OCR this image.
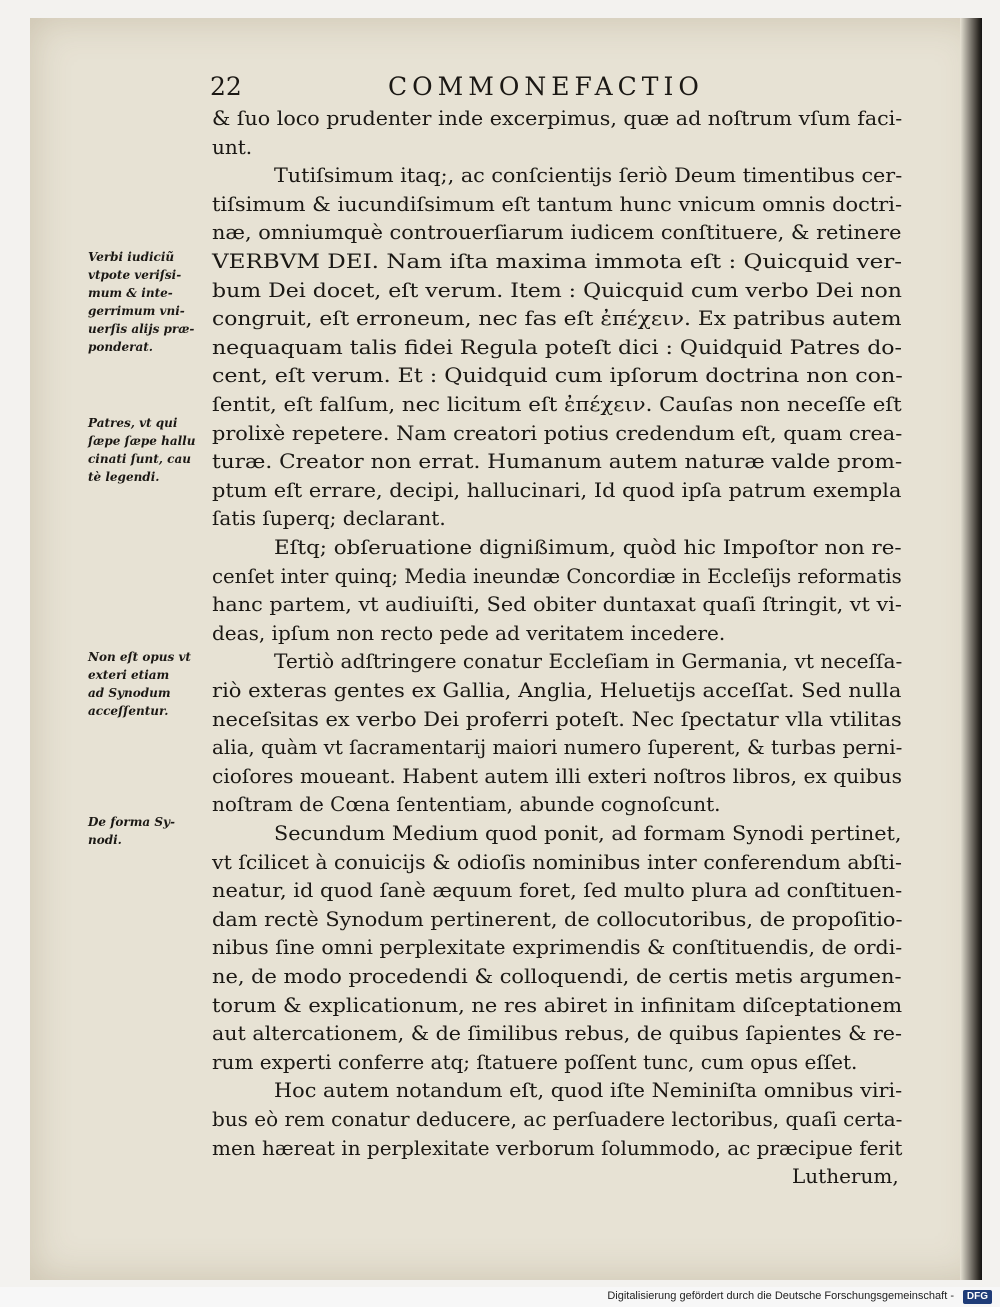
22	COMMONEFACTIO
& ſuo loco prudenter inde excerpimus, quæ ad noſtrum vſum faci-
unt.
Tutiſsimum itaq;, ac conſcientijs ſeriò Deum timentibus cer-
tiſsimum & iucundiſsimum eſt tantum hunc vnicum omnis doctri-
næ, omniumquè controuerſiarum iudicem conſtituere, & retinere
VERBVM DEI. Nam iſta maxima immota eſt : Quicquid ver-
bum Dei docet, eſt verum. Item : Quicquid cum verbo Dei non
congruit, eſt erroneum, nec fas eſt ἐπέχειν. Ex patribus autem
nequaquam talis fidei Regula poteſt dici : Quidquid Patres do-
cent, eſt verum. Et : Quidquid cum ipſorum doctrina non con-
ſentit, eſt falſum, nec licitum eſt ἐπέχειν. Cauſas non neceſſe eſt
prolixè repetere. Nam creatori potius credendum eſt, quam crea-
turæ. Creator non errat. Humanum autem naturæ valde prom-
ptum eſt errare, decipi, hallucinari, Id quod ipſa patrum exempla
ſatis ſuperq; declarant.
Eſtq; obſeruatione dignißimum, quòd hic Impoſtor non re-
cenſet inter quinq; Media ineundæ Concordiæ in Eccleſijs reformatis
hanc partem, vt audiuiſti, Sed obiter duntaxat quaſi ſtringit, vt vi-
deas, ipſum non recto pede ad veritatem incedere.
Tertiò adſtringere conatur Eccleſiam in Germania, vt neceſſa-
riò exteras gentes ex Gallia, Anglia, Heluetijs acceſſat. Sed nulla
neceſsitas ex verbo Dei proferri poteſt. Nec ſpectatur vlla vtilitas
alia, quàm vt ſacramentarij maiori numero ſuperent, & turbas perni-
cioſores moueant. Habent autem illi exteri noſtros libros, ex quibus
noſtram de Cœna ſententiam, abunde cognoſcunt.
Secundum Medium quod ponit, ad formam Synodi pertinet,
vt ſcilicet à conuicijs & odioſis nominibus inter conferendum abſti-
neatur, id quod ſanè æquum foret, ſed multo plura ad conſtituen-
dam rectè Synodum pertinerent, de collocutoribus, de propoſitio-
nibus ſine omni perplexitate exprimendis & conſtituendis, de ordi-
ne, de modo procedendi & colloquendi, de certis metis argumen-
torum & explicationum, ne res abiret in infinitam diſceptationem
aut altercationem, & de ſimilibus rebus, de quibus ſapientes & re-
rum experti conferre atq; ſtatuere poſſent tunc, cum opus eſſet.
Hoc autem notandum eſt, quod iſte Neminiſta omnibus viri-
bus eò rem conatur deducere, ac perſuadere lectoribus, quaſi certa-
men hæreat in perplexitate verborum ſolummodo, ac præcipue ferit
Lutherum,
Verbi iudiciũ
vtpote veriſsi-
mum & inte-
gerrimum vni-
uerſis alijs præ-
ponderat.
Patres, vt qui
ſæpe ſæpe hallu
cinati ſunt, cau
tè legendi.
Non eſt opus vt
exteri etiam
ad Synodum
acceſſentur.
De forma Sy-
nodi.
Digitalisierung gefördert durch die Deutsche Forschungsgemeinschaft -	DFG
